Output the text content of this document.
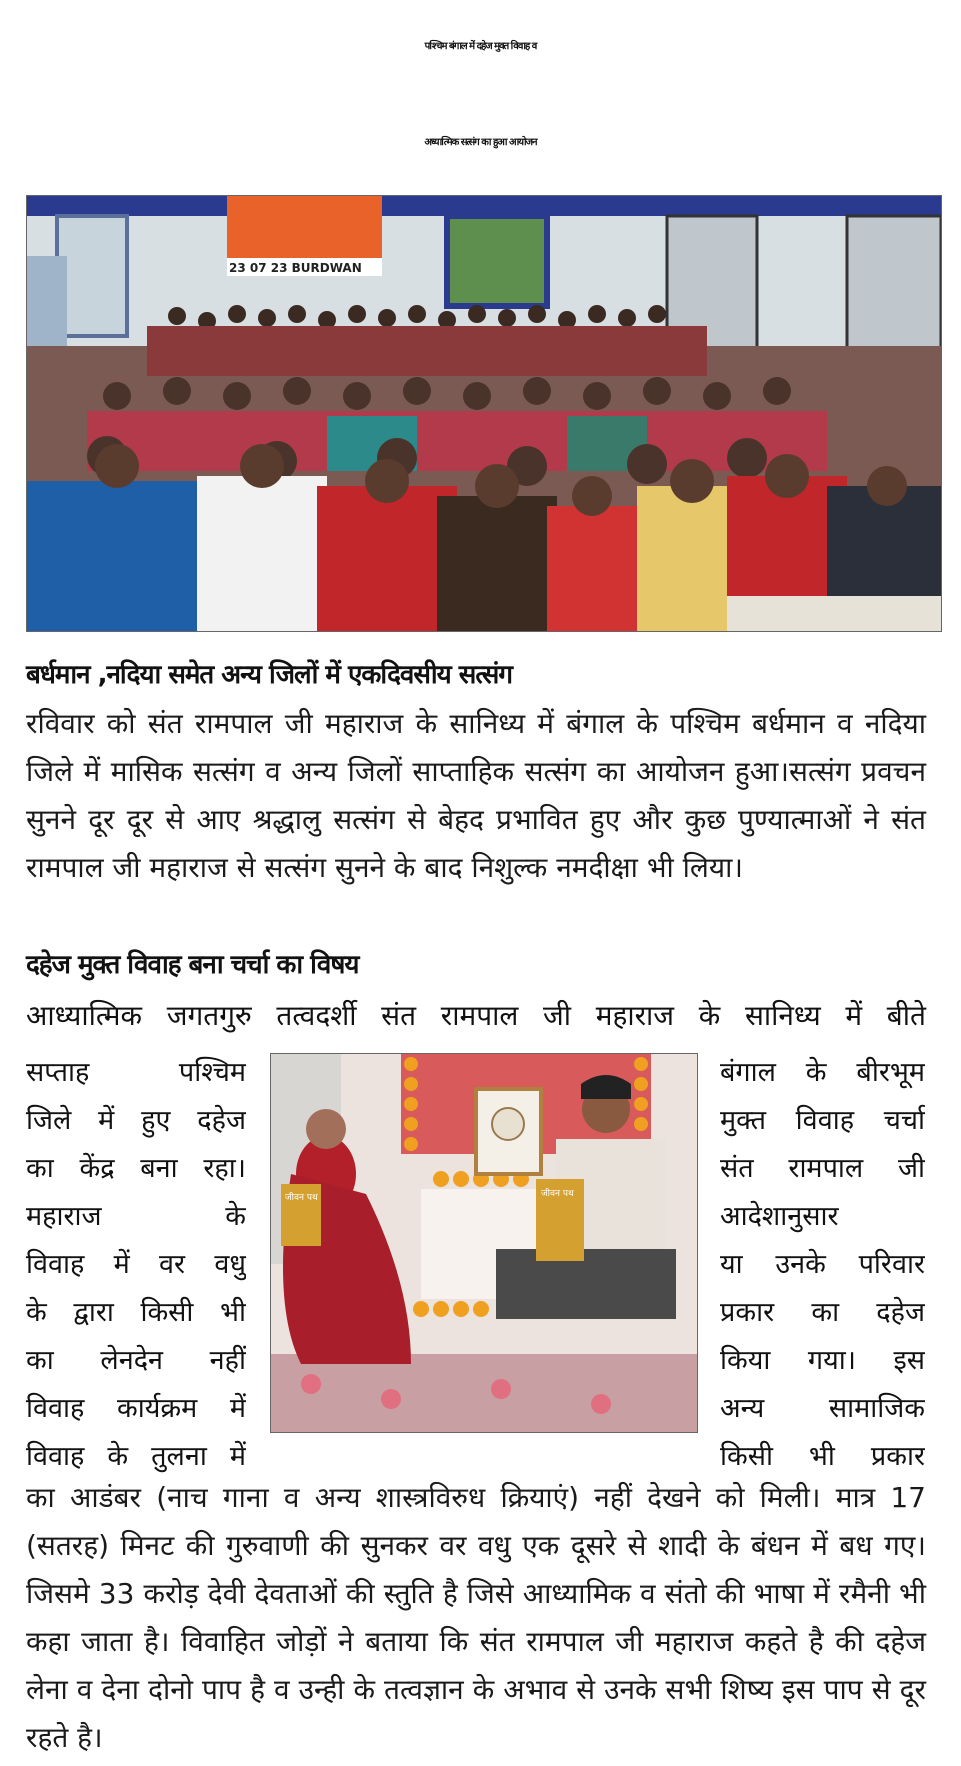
पश्चिम बंगाल में दहेज मुक्त विवाह व
अध्यात्मिक सत्संग का हुआ आयोजन
23 07 23 BURDWAN
बर्धमान ,नदिया समेत अन्य जिलों में एकदिवसीय सत्संग
रविवार को संत रामपाल जी महाराज के सानिध्य में बंगाल के पश्चिम बर्धमान व नदिया जिले में मासिक सत्संग व अन्य जिलों साप्ताहिक सत्संग का आयोजन हुआ।सत्संग प्रवचन सुनने दूर दूर से आए श्रद्धालु सत्संग से बेहद प्रभावित हुए और कुछ पुण्यात्माओं ने संत रामपाल जी महाराज से सत्संग सुनने के बाद निशुल्क नमदीक्षा भी लिया।
दहेज मुक्त विवाह बना चर्चा का विषय
आध्यात्मिक जगतगुरु तत्वदर्शी संत रामपाल जी महाराज के सानिध्य में बीते
सप्ताह पश्चिम
जिले में हुए दहेज
का केंद्र बना रहा।
महाराज के
विवाह में वर वधु
के द्वारा किसी भी
का लेनदेन नहीं
विवाह कार्यक्रम में
विवाह के तुलना में
जीवन पथ	जीवन पथ
बंगाल के बीरभूम
मुक्त विवाह चर्चा
संत रामपाल जी
आदेशानुसार
या उनके परिवार
प्रकार का दहेज
किया गया। इस
अन्य सामाजिक
किसी भी प्रकार
का आडंबर (नाच गाना व अन्य शास्त्रविरुध क्रियाएं) नहीं देखने को मिली। मात्र 17 (सतरह) मिनट की गुरुवाणी की सुनकर वर वधु एक दूसरे से शादी के बंधन में बध गए। जिसमे 33 करोड़ देवी देवताओं की स्तुति है जिसे आध्यामिक व संतो की भाषा में रमैनी भी कहा जाता है। विवाहित जोड़ों ने बताया कि संत रामपाल जी महाराज कहते है की दहेज लेना व देना दोनो पाप है व उन्ही के तत्वज्ञान के अभाव से उनके सभी शिष्य इस पाप से दूर रहते है।
